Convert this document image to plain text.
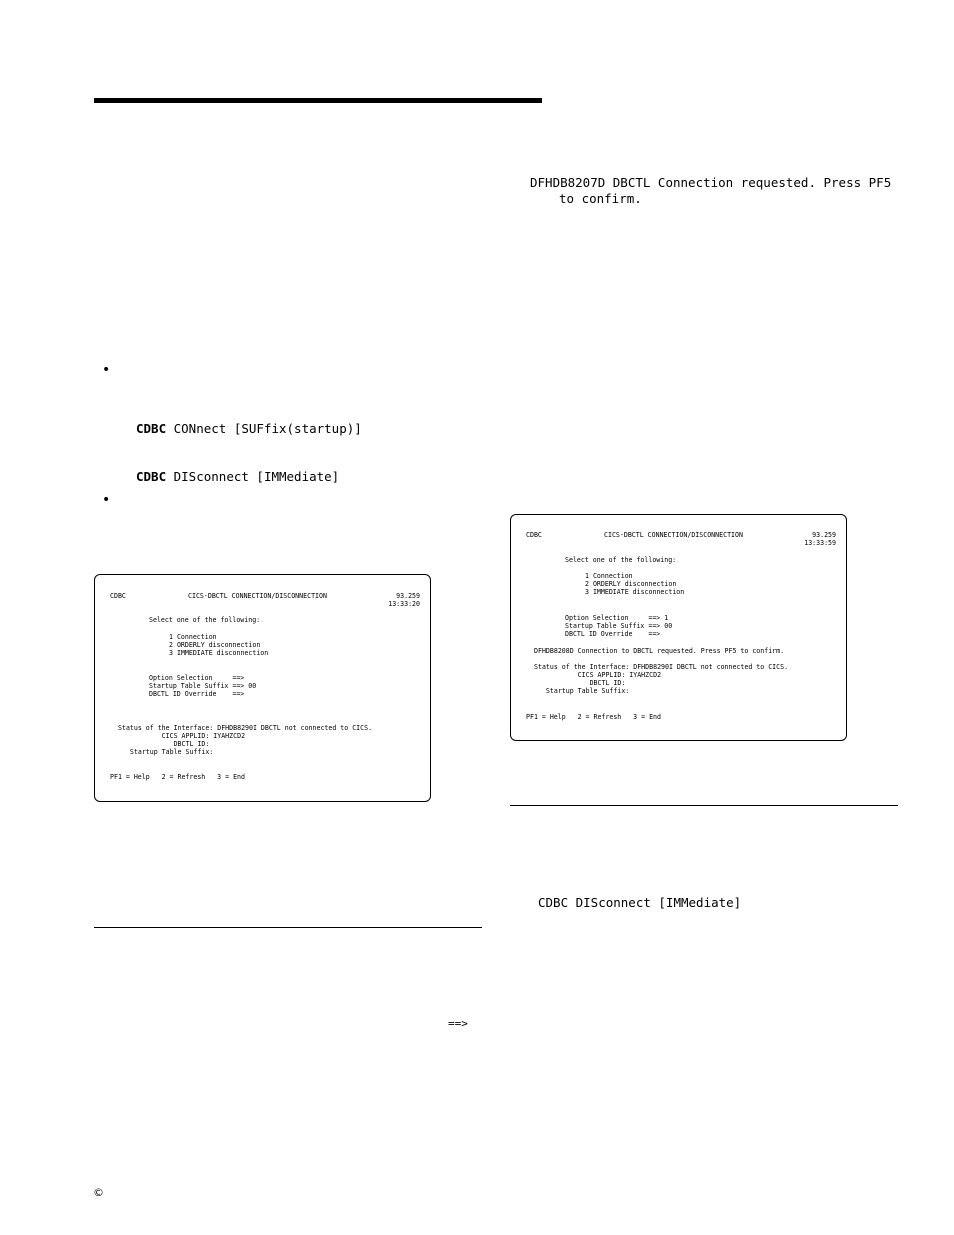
DFHDB8207D DBCTL Connection requested. Press PF5
to confirm.
•
•
CDBC CONnect [SUFfix(startup)]
CDBC DISconnect [IMMediate]
CDBC	CICS-DBCTL CONNECTION/DISCONNECTION	93.259
13:33:20
Select one of the following:
1 Connection
2 ORDERLY disconnection
3 IMMEDIATE disconnection
Option Selection     ==>
Startup Table Suffix ==> 00
DBCTL ID Override    ==>
Status of the Interface: DFHDB8290I DBCTL not connected to CICS.
CICS APPLID: IYAHZCD2
DBCTL ID:
Startup Table Suffix:
PF1 = Help   2 = Refresh   3 = End
CDBC	CICS-DBCTL CONNECTION/DISCONNECTION	93.259
13:33:59
Select one of the following:
1 Connection
2 ORDERLY disconnection
3 IMMEDIATE disconnection
Option Selection     ==> 1
Startup Table Suffix ==> 00
DBCTL ID Override    ==>
DFHDB8208D Connection to DBCTL requested. Press PF5 to confirm.
Status of the Interface: DFHDB8290I DBCTL not connected to CICS.
CICS APPLID: IYAHZCD2
DBCTL ID:
Startup Table Suffix:
PF1 = Help   2 = Refresh   3 = End
CDBC DISconnect [IMMediate]
==>
©
